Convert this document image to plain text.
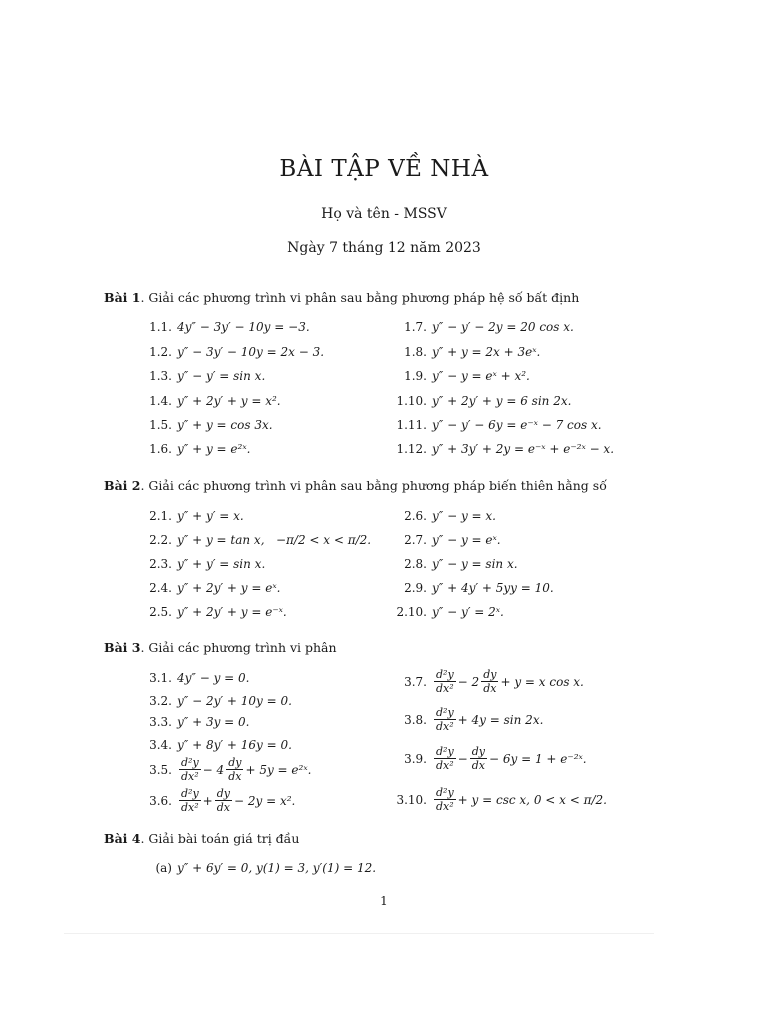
BÀI TẬP VỀ NHÀ
Họ và tên - MSSV
Ngày 7 tháng 12 năm 2023
Bài 1. Giải các phương trình vi phân sau bằng phương pháp hệ số bất định
1.1. 4y″ − 3y′ − 10y = −3.
1.2. y″ − 3y′ − 10y = 2x − 3.
1.3. y″ − y′ = sin x.
1.4. y″ + 2y′ + y = x².
1.5. y″ + y = cos 3x.
1.6. y″ + y = e²ˣ.
1.7. y″ − y′ − 2y = 20 cos x.
1.8. y″ + y = 2x + 3eˣ.
1.9. y″ − y = eˣ + x².
1.10. y″ + 2y′ + y = 6 sin 2x.
1.11. y″ − y′ − 6y = e⁻ˣ − 7 cos x.
1.12. y″ + 3y′ + 2y = e⁻ˣ + e⁻²ˣ − x.
Bài 2. Giải các phương trình vi phân sau bằng phương pháp biến thiên hằng số
2.1. y″ + y′ = x.
2.2. y″ + y = tan x,   −π/2 < x < π/2.
2.3. y″ + y′ = sin x.
2.4. y″ + 2y′ + y = eˣ.
2.5. y″ + 2y′ + y = e⁻ˣ.
2.6. y″ − y = x.
2.7. y″ − y = eˣ.
2.8. y″ − y = sin x.
2.9. y″ + 4y′ + 5yy = 10.
2.10. y″ − y′ = 2ˣ.
Bài 3. Giải các phương trình vi phân
3.1. 4y″ − y = 0.
3.2. y″ − 2y′ + 10y = 0.
3.3. y″ + 3y = 0.
3.4. y″ + 8y′ + 16y = 0.
3.5. $\frac{\text{d²y}}{\text{dx²}} - 4 \frac{dy}{dx} + 5y$ = e²ˣ.
3.6. $\frac{\text{d²y}}{\text{dx²}} + \frac{dy}{dx} - 2y = x^2$.
3.7. $\frac{\text{d²y}}{\text{dx²}} - 2 \frac{dy}{dx} + y = x$ cos x.
3.8. $\frac{\text{d²y}}{\text{dx²}} + 4y = \sin 2x$.
3.9. $\frac{\text{d²y}}{\text{dx²}} - \frac{dy}{dx} - 6y = 1$ + e⁻²ˣ.
3.10. $\frac{\text{d²y}}{\text{dx²}} + y = \csc x$, 0 < x < π/2.
Bài 4. Giải bài toán giá trị đầu
(a) y″ + 6y′ = 0, y(1) = 3, y′(1) = 12.
1
